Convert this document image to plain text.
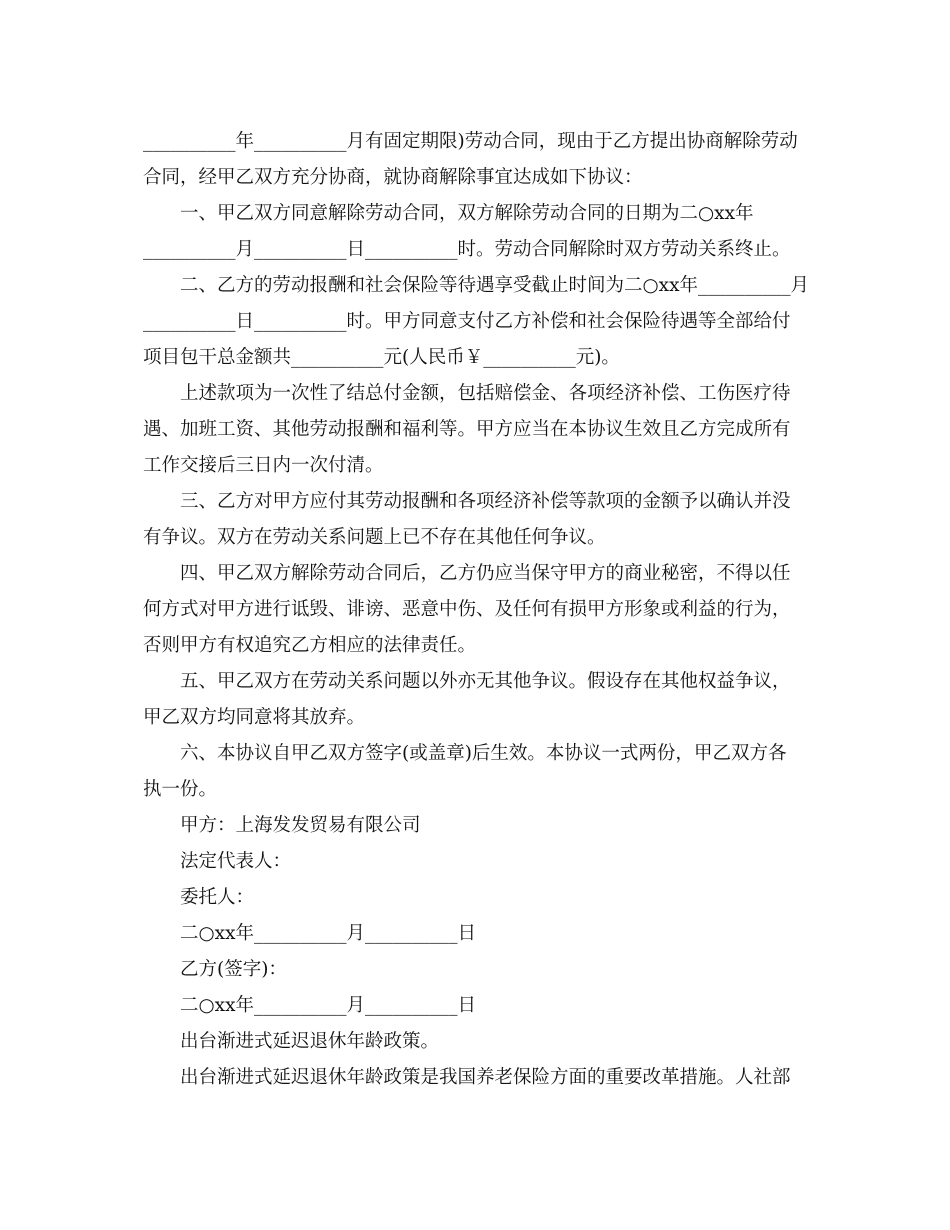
__________年__________月有固定期限)劳动合同，现由于乙方提出协商解除劳动
合同，经甲乙双方充分协商，就协商解除事宜达成如下协议：
一、甲乙双方同意解除劳动合同，双方解除劳动合同的日期为二○xx年
__________月__________日__________时。劳动合同解除时双方劳动关系终止。
二、乙方的劳动报酬和社会保险等待遇享受截止时间为二○xx年__________月
__________日__________时。甲方同意支付乙方补偿和社会保险待遇等全部给付
项目包干总金额共__________元(人民币￥__________元)。
上述款项为一次性了结总付金额，包括赔偿金、各项经济补偿、工伤医疗待
遇、加班工资、其他劳动报酬和福利等。甲方应当在本协议生效且乙方完成所有
工作交接后三日内一次付清。
三、乙方对甲方应付其劳动报酬和各项经济补偿等款项的金额予以确认并没
有争议。双方在劳动关系问题上已不存在其他任何争议。
四、甲乙双方解除劳动合同后，乙方仍应当保守甲方的商业秘密，不得以任
何方式对甲方进行诋毁、诽谤、恶意中伤、及任何有损甲方形象或利益的行为，
否则甲方有权追究乙方相应的法律责任。
五、甲乙双方在劳动关系问题以外亦无其他争议。假设存在其他权益争议，
甲乙双方均同意将其放弃。
六、本协议自甲乙双方签字(或盖章)后生效。本协议一式两份，甲乙双方各
执一份。
甲方：上海发发贸易有限公司
法定代表人：
委托人：
二○xx年__________月__________日
乙方(签字)：
二○xx年__________月__________日
出台渐进式延迟退休年龄政策。
出台渐进式延迟退休年龄政策是我国养老保险方面的重要改革措施。人社部
